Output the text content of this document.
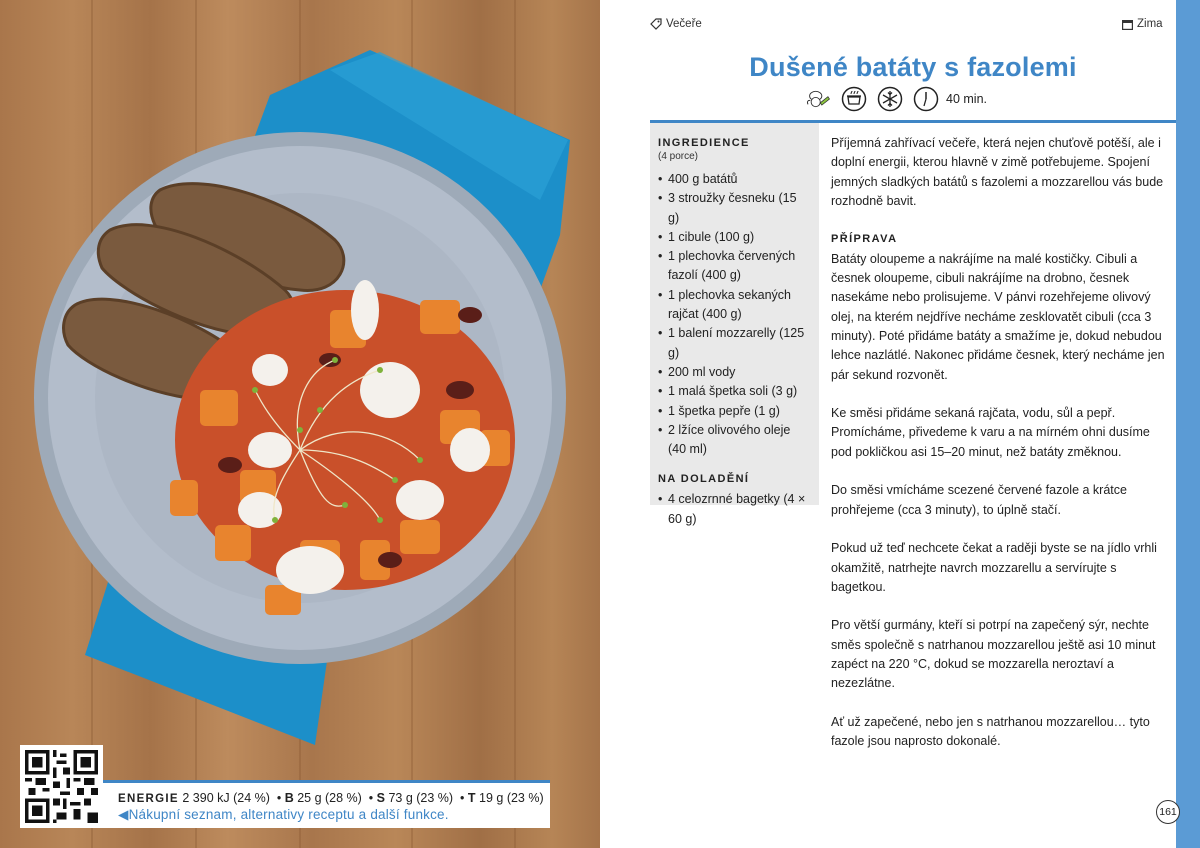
ENERGIE 2 390 kJ (24 %)  • B 25 g (28 %)  • S 73 g (23 %)  • T 19 g (23 %)
◀Nákupní seznam, alternativy receptu a další funkce.
Večeře	Zima
Dušené batáty s fazolemi
40 min.
INGREDIENCE
(4 porce)
• 400 g batátů
• 3 stroužky česneku (15 g)
• 1 cibule (100 g)
• 1 plechovka červených fazolí (400 g)
• 1 plechovka sekaných rajčat (400 g)
• 1 balení mozzarelly (125 g)
• 200 ml vody
• 1 malá špetka soli (3 g)
• 1 špetka pepře (1 g)
• 2 lžíce olivového oleje (40 ml)
NA DOLADĚNÍ
• 4 celozrnné bagetky (4 × 60 g)

Příjemná zahřívací večeře, která nejen chuťově potěší, ale i doplní energii, kterou hlavně v zimě potřebujeme. Spojení jemných sladkých batátů s fazolemi a mozzarellou vás bude rozhodně bavit.

PŘÍPRAVA

Batáty oloupeme a nakrájíme na malé kostičky. Cibuli a česnek oloupeme, cibuli nakrájíme na drobno, česnek nasekáme nebo prolisujeme. V pánvi rozehřejeme olivový olej, na kterém nejdříve necháme zesklovatět cibuli (cca 3 minuty). Poté přidáme batáty a smažíme je, dokud nebudou lehce nazlátlé. Nakonec přidáme česnek, který necháme jen pár sekund rozvonět.

Ke směsi přidáme sekaná rajčata, vodu, sůl a pepř. Promícháme, přivedeme k varu a na mírném ohni dusíme pod pokličkou asi 15–20 minut, než batáty změknou.

Do směsi vmícháme scezené červené fazole a krátce prohřejeme (cca 3 minuty), to úplně stačí.

Pokud už teď nechcete čekat a raději byste se na jídlo vrhli okamžitě, natrhejte navrch mozzarellu a servírujte s bagetkou.

Pro větší gurmány, kteří si potrpí na zapečený sýr, nechte směs společně s natrhanou mozzarellou ještě asi 10 minut zapéct na 220 °C, dokud se mozzarella neroztaví a nezezlátne.

Ať už zapečené, nebo jen s natrhanou mozzarellou… tyto fazole jsou naprosto dokonalé.

161
